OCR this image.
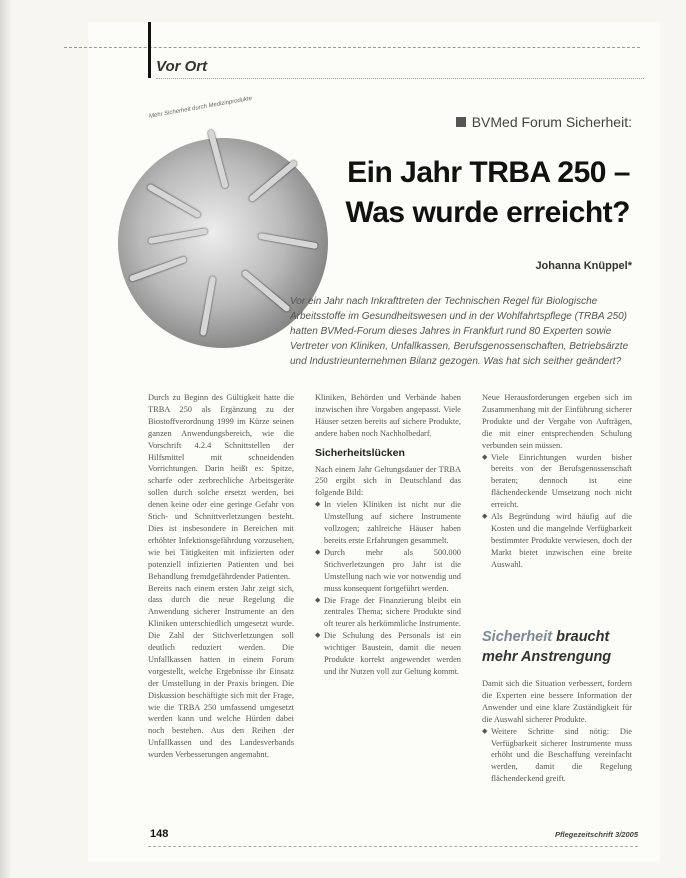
Vor Ort
BVMed Forum Sicherheit:
Mehr Sicherheit durch Medizinprodukte
Ein Jahr TRBA 250 –
Was wurde erreicht?
Johanna Knüppel*

Vor ein Jahr nach Inkrafttreten der Technischen Regel für Biologische Arbeitsstoffe im Gesundheitswesen und in der Wohlfahrtspflege (TRBA 250) hatten BVMed-Forum dieses Jahres in Frankfurt rund 80 Experten sowie Vertreter von Kliniken, Unfallkassen, Berufsgenossenschaften, Betriebsärzte und Industrieunternehmen Bilanz gezogen. Was hat sich seither geändert?

Durch zu Beginn des Gültigkeit hatte die TRBA 250 als Ergänzung zu der Biostoffverordnung 1999 im Kürze seinen ganzen Anwendungsbereich, wie die Vorschrift 4.2.4 Schnittstellen der Hilfsmittel mit schneidenden Vorrichtungen. Darin heißt es: Spitze, scharfe oder zerbrechliche Arbeitsgeräte sollen durch solche ersetzt werden, bei denen keine oder eine geringe Gefahr von Stich- und Schnittverletzungen besteht. Dies ist insbesondere in Bereichen mit erhöhter Infektionsgefährdung vorzusehen, wie bei Tätigkeiten mit infizierten oder potenziell infizierten Patienten und bei Behandlung fremdgefährdender Patienten.

Bereits nach einem ersten Jahr zeigt sich, dass durch die neue Regelung die Anwendung sicherer Instrumente an den Kliniken unterschiedlich umgesetzt wurde. Die Zahl der Stichverletzungen soll deutlich reduziert werden. Die Unfallkassen hatten in einem Forum vorgestellt, welche Ergebnisse ihr Einsatz der Umstellung in der Praxis bringen. Die Diskussion beschäftigte sich mit der Frage, wie die TRBA 250 umfassend umgesetzt werden kann und welche Hürden dabei noch bestehen. Aus den Reihen der Unfallkassen und des Landesverbands wurden Verbesserungen angemahnt.

Kliniken, Behörden und Verbände haben inzwischen ihre Vorgaben angepasst. Viele Häuser setzen bereits auf sichere Produkte, andere haben noch Nachholbedarf.

Sicherheitslücken

Nach einem Jahr Geltungsdauer der TRBA 250 ergibt sich in Deutschland das folgende Bild:

◆ In vielen Kliniken ist nicht nur die Umstellung auf sichere Instrumente vollzogen; zahlreiche Häuser haben bereits erste Erfahrungen gesammelt.
◆ Durch mehr als 500.000 Stichverletzungen pro Jahr ist die Umstellung nach wie vor notwendig und muss konsequent fortgeführt werden.
◆ Die Frage der Finanzierung bleibt ein zentrales Thema; sichere Produkte sind oft teurer als herkömmliche Instrumente.
◆ Die Schulung des Personals ist ein wichtiger Baustein, damit die neuen Produkte korrekt angewendet werden und ihr Nutzen voll zur Geltung kommt.

Neue Herausforderungen ergeben sich im Zusammenhang mit der Einführung sicherer Produkte und der Vergabe von Aufträgen, die mit einer entsprechenden Schulung verbunden sein müssen.

◆ Viele Einrichtungen wurden bisher bereits von der Berufsgenossenschaft beraten; dennoch ist eine flächendeckende Umsetzung noch nicht erreicht.
◆ Als Begründung wird häufig auf die Kosten und die mangelnde Verfügbarkeit bestimmter Produkte verwiesen, doch der Markt bietet inzwischen eine breite Auswahl.
Sicherheit braucht mehr Anstrengung

Damit sich die Situation verbessert, fordern die Experten eine bessere Information der Anwender und eine klare Zuständigkeit für die Auswahl sicherer Produkte.

◆ Weitere Schritte sind nötig: Die Verfügbarkeit sicherer Instrumente muss erhöht und die Beschaffung vereinfacht werden, damit die Regelung flächendeckend greift.
148	Pflegezeitschrift 3/2005
